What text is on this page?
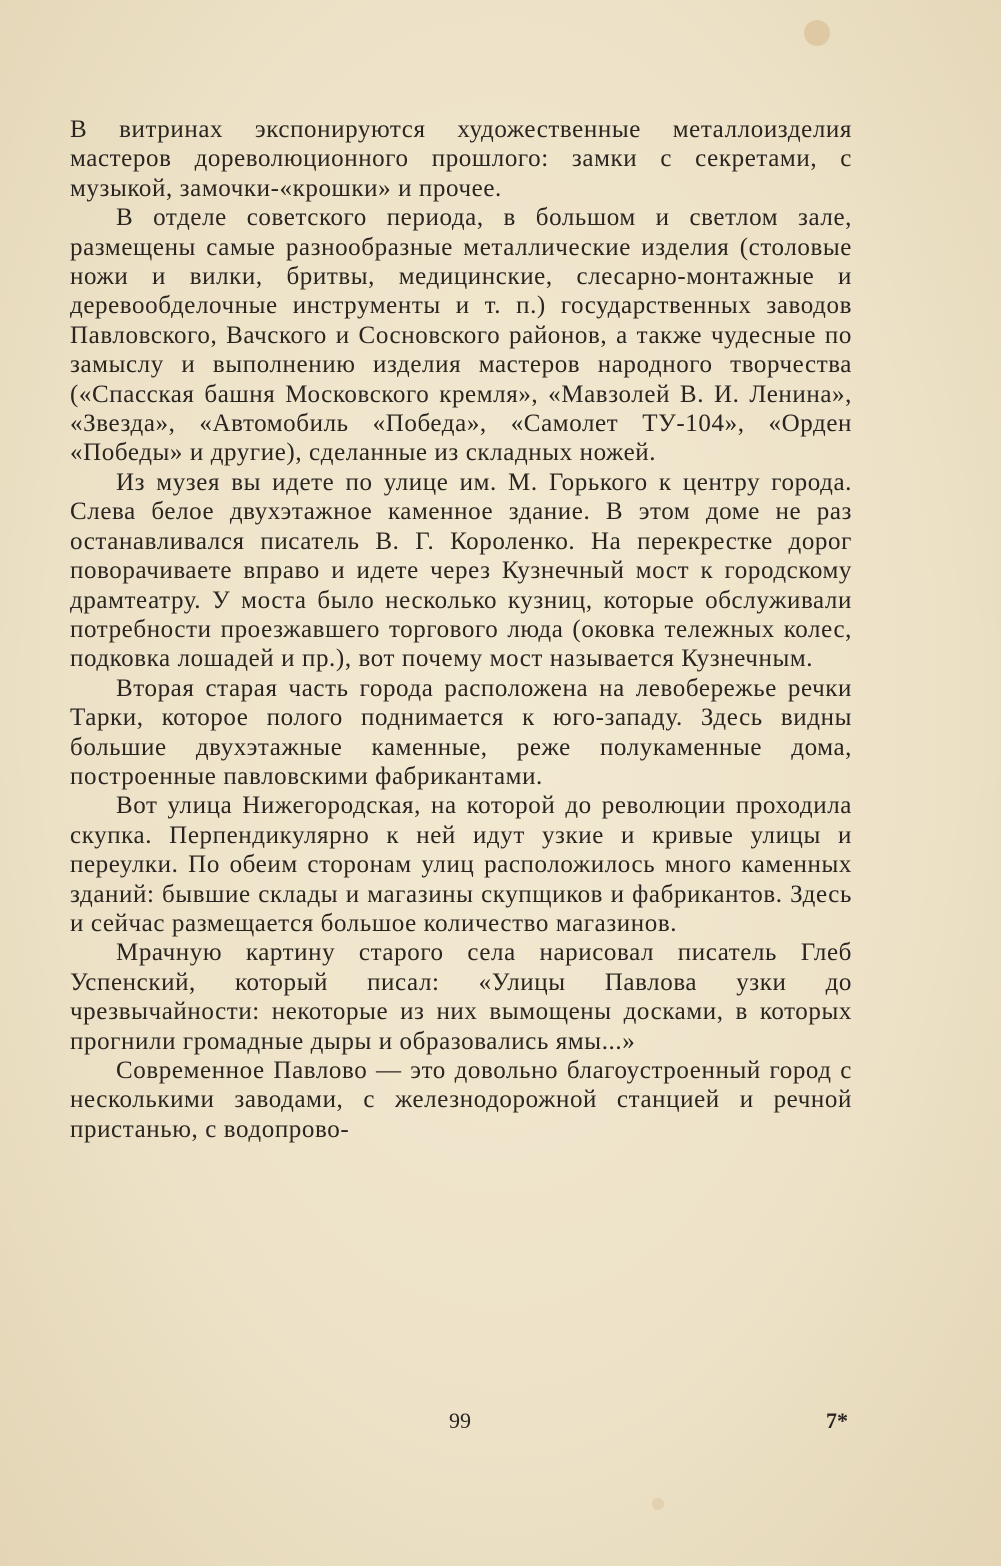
В витринах экспонируются художественные металлоизделия мастеров дореволюционного прошлого: замки с секретами, с музыкой, замочки-«крошки» и прочее.

В отделе советского периода, в большом и светлом зале, размещены самые разнообразные металлические изделия (столовые ножи и вилки, бритвы, медицинские, слесарно-монтажные и деревообделочные инструменты и т. п.) государственных заводов Павловского, Вачского и Сосновского районов, а также чудесные по замыслу и выполнению изделия мастеров народного творчества («Спасская башня Московского кремля», «Мавзолей В. И. Ленина», «Звезда», «Автомобиль «Победа», «Самолет ТУ-104», «Орден «Победы» и другие), сделанные из складных ножей.

Из музея вы идете по улице им. М. Горького к центру города. Слева белое двухэтажное каменное здание. В этом доме не раз останавливался писатель В. Г. Короленко. На перекрестке дорог поворачиваете вправо и идете через Кузнечный мост к городскому драмтеатру. У моста было несколько кузниц, которые обслуживали потребности проезжавшего торгового люда (оковка тележных колес, подковка лошадей и пр.), вот почему мост называется Кузнечным.

Вторая старая часть города расположена на левобережье речки Тарки, которое полого поднимается к юго-западу. Здесь видны большие двухэтажные каменные, реже полукаменные дома, построенные павловскими фабрикантами.

Вот улица Нижегородская, на которой до революции проходила скупка. Перпендикулярно к ней идут узкие и кривые улицы и переулки. По обеим сторонам улиц расположилось много каменных зданий: бывшие склады и магазины скупщиков и фабрикантов. Здесь и сейчас размещается большое количество магазинов.

Мрачную картину старого села нарисовал писатель Глеб Успенский, который писал: «Улицы Павлова узки до чрезвычайности: некоторые из них вымощены досками, в которых прогнили громадные дыры и образовались ямы...»

Современное Павлово — это довольно благоустроенный город с несколькими заводами, с железнодорожной станцией и речной пристанью, с водопрово-

99	7*
